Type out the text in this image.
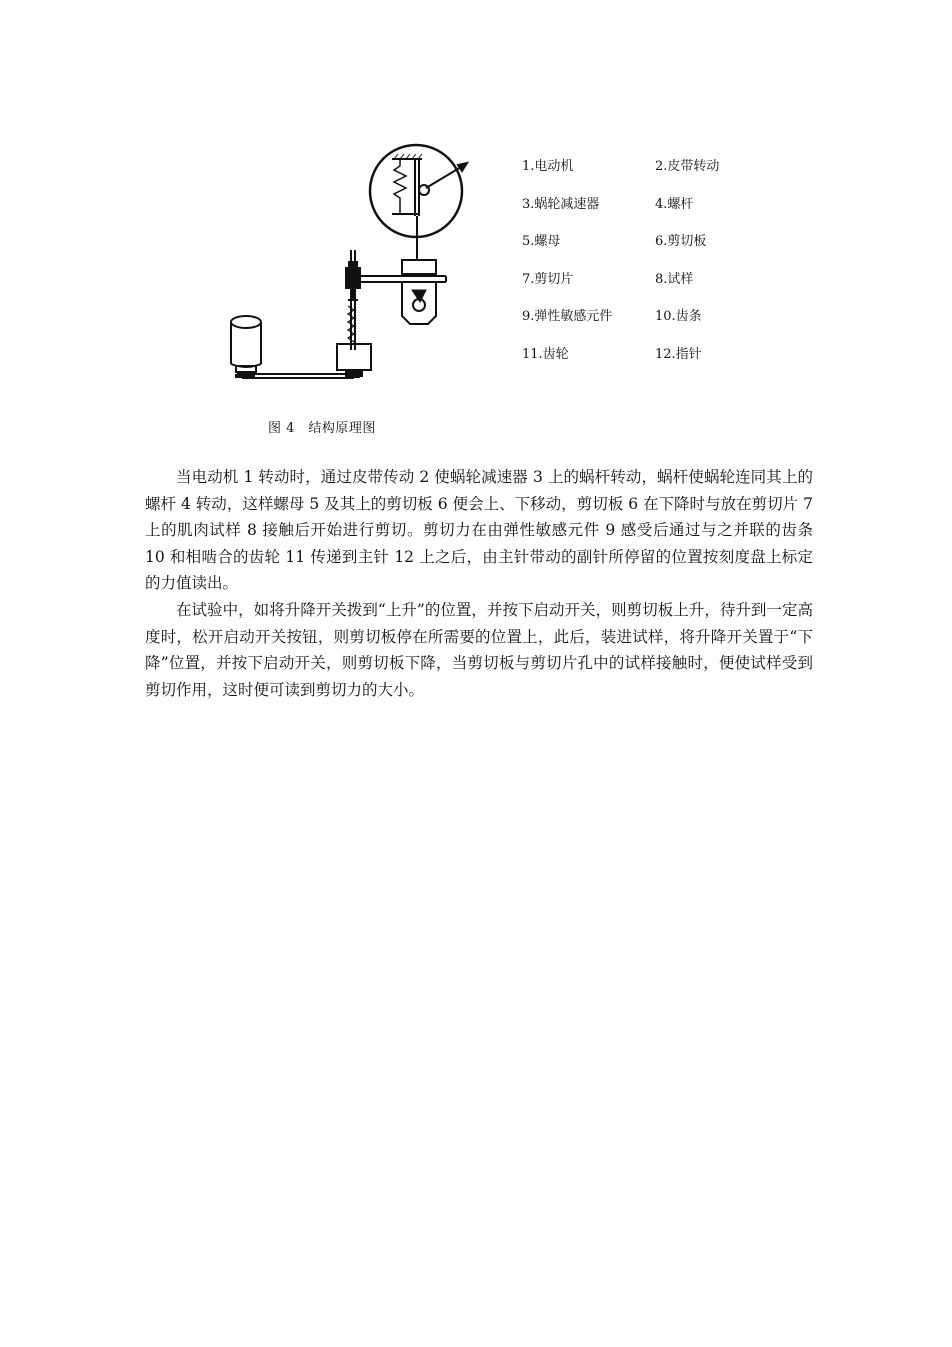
1.电动机	2.皮带转动
3.蜗轮减速器	4.螺杆
5.螺母	6.剪切板
7.剪切片	8.试样
9.弹性敏感元件	10.齿条
11.齿轮	12.指针
图 4　结构原理图

当电动机 1 转动时，通过皮带传动 2 使蜗轮减速器 3 上的蜗杆转动，蜗杆使蜗轮连同其上的螺杆 4 转动，这样螺母 5 及其上的剪切板 6 便会上、下移动，剪切板 6 在下降时与放在剪切片 7 上的肌肉试样 8 接触后开始进行剪切。剪切力在由弹性敏感元件 9 感受后通过与之并联的齿条 10 和相啮合的齿轮 11 传递到主针 12 上之后，由主针带动的副针所停留的位置按刻度盘上标定的力值读出。

在试验中，如将升降开关拨到“上升”的位置，并按下启动开关，则剪切板上升，待升到一定高度时，松开启动开关按钮，则剪切板停在所需要的位置上，此后，装进试样，将升降开关置于“下降”位置，并按下启动开关，则剪切板下降，当剪切板与剪切片孔中的试样接触时，便使试样受到剪切作用，这时便可读到剪切力的大小。
